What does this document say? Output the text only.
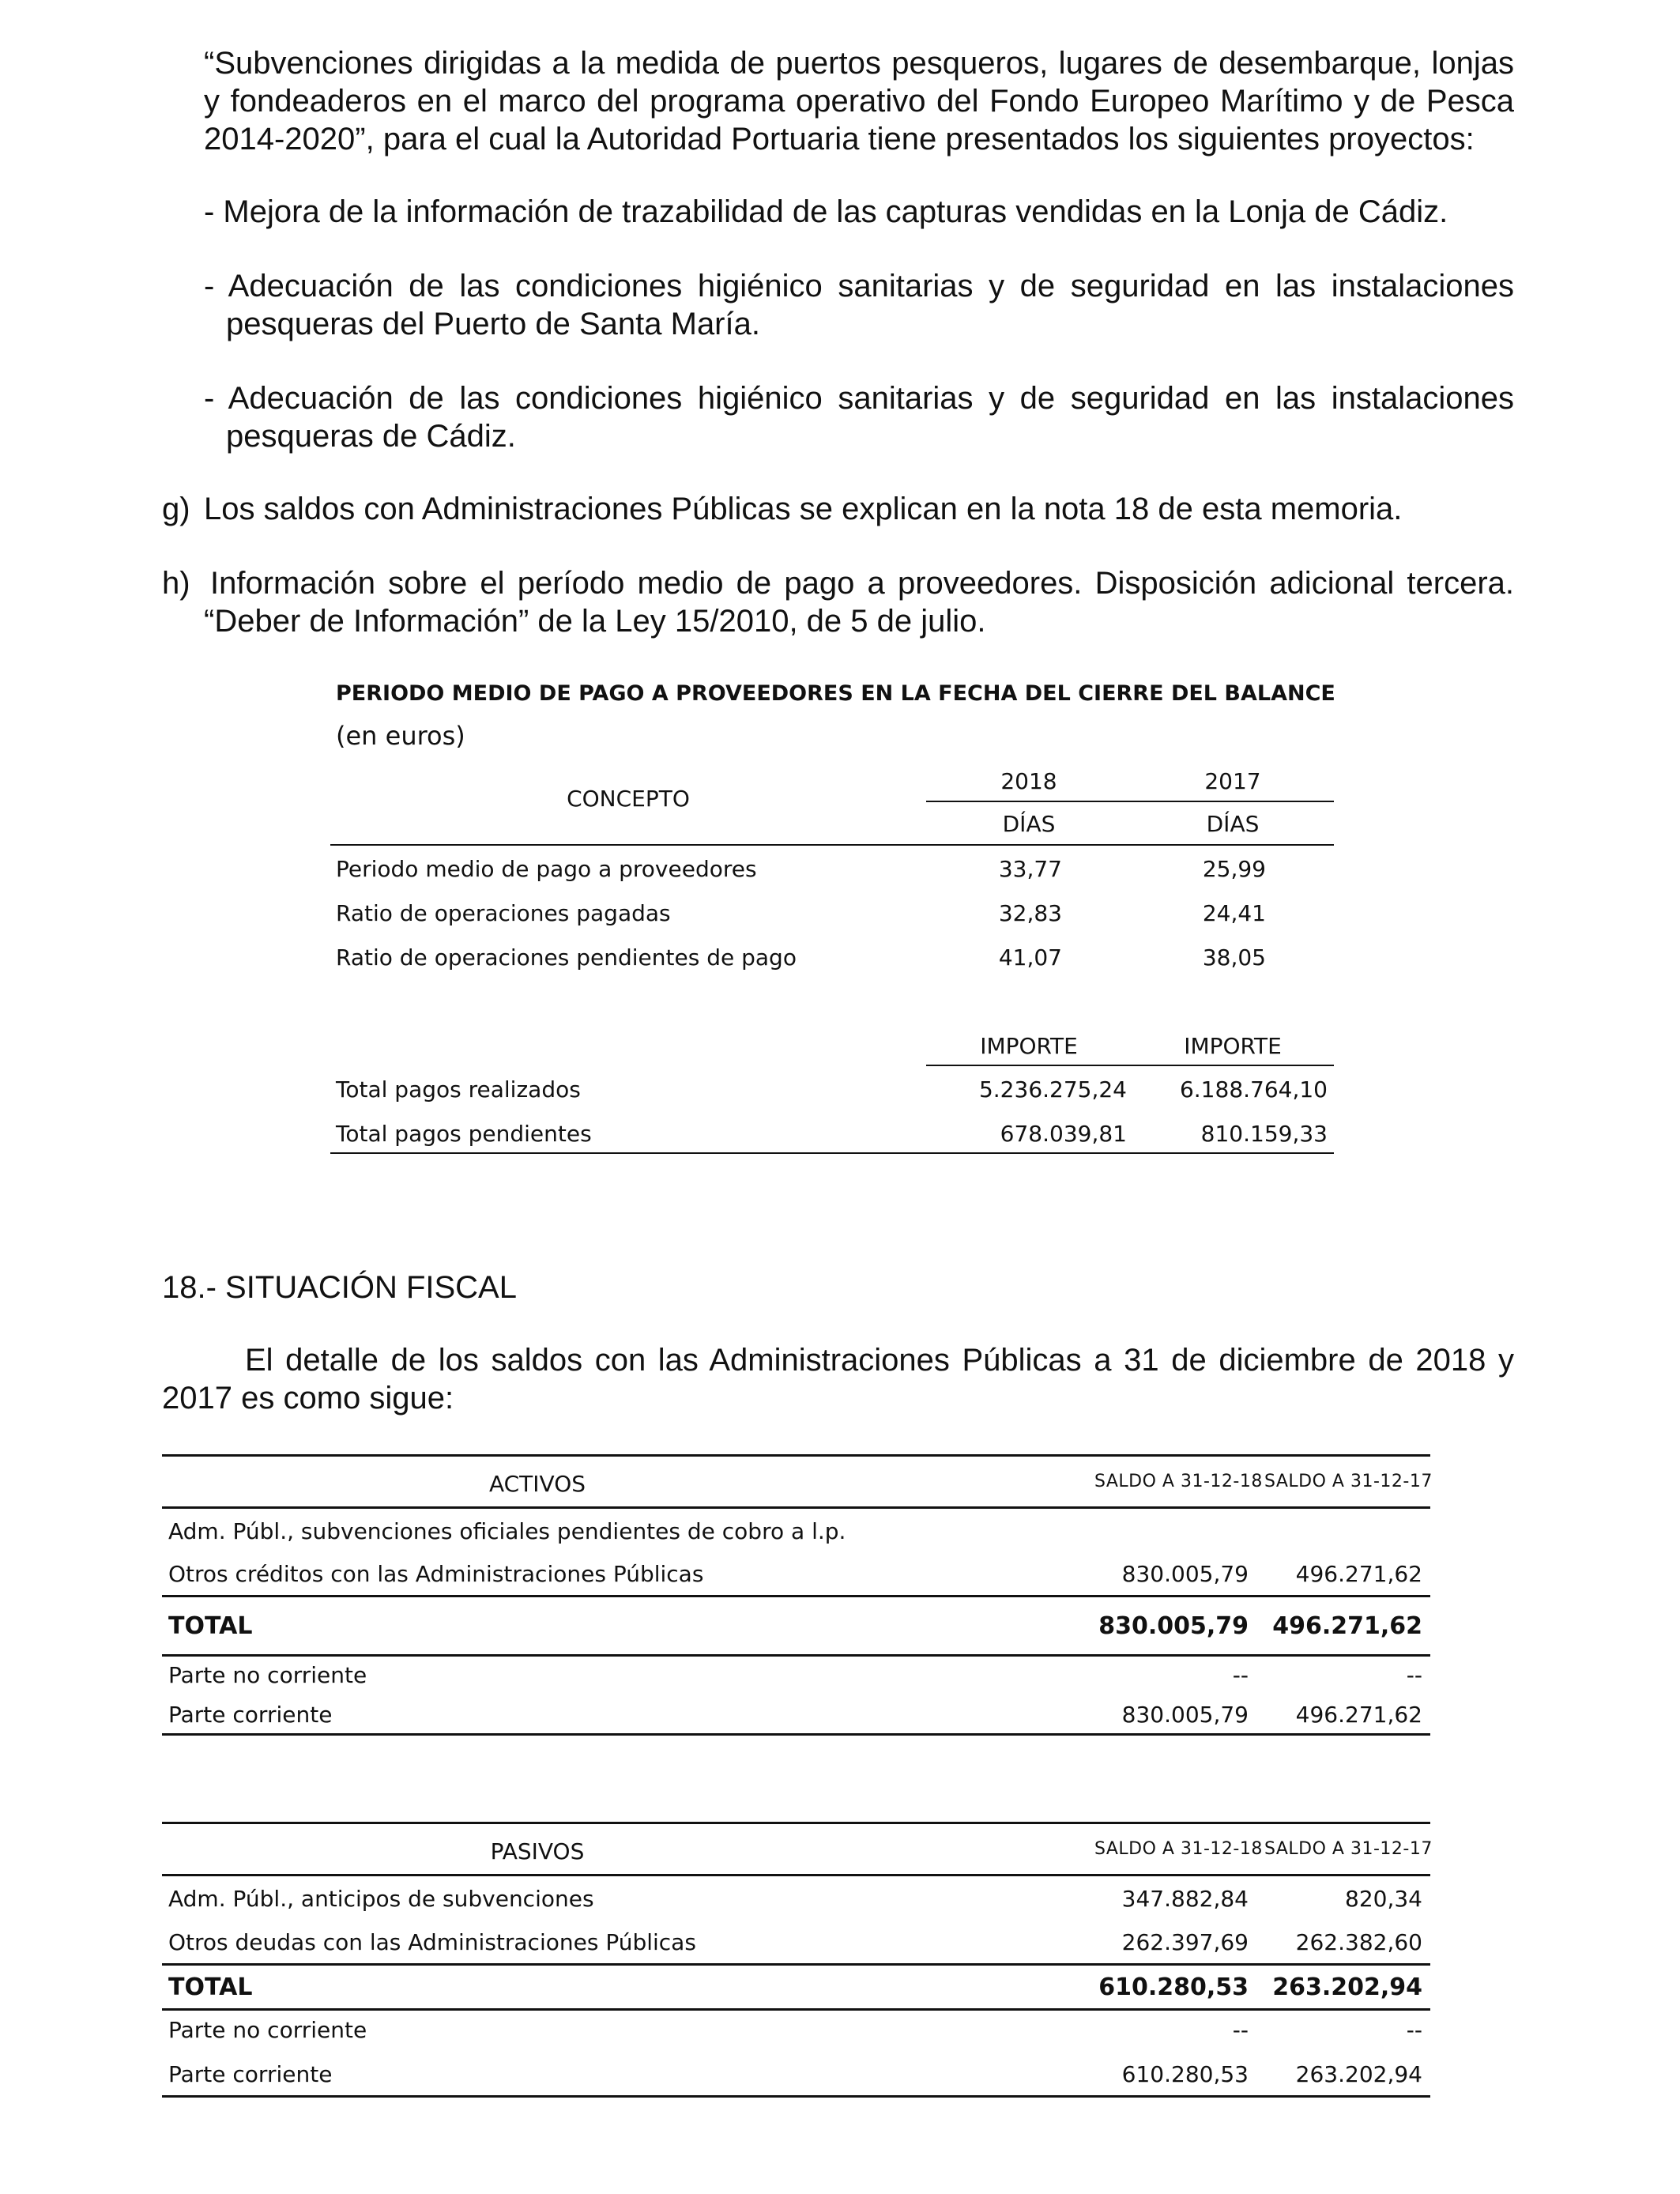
“Subvenciones dirigidas a la medida de puertos pesqueros, lugares de desembarque, lonjas
y fondeaderos en el marco del programa operativo del Fondo Europeo Marítimo y de Pesca
2014-2020”, para el cual la Autoridad Portuaria tiene presentados los siguientes proyectos:
- Mejora de la información de trazabilidad de las capturas vendidas en la Lonja de Cádiz.
- Adecuación de las condiciones higiénico sanitarias y de seguridad en las instalaciones
pesqueras del Puerto de Santa María.
- Adecuación de las condiciones higiénico sanitarias y de seguridad en las instalaciones
pesqueras de Cádiz.
g) Los saldos con Administraciones Públicas se explican en la nota 18 de esta memoria.
h) Información sobre el período medio de pago a proveedores. Disposición adicional tercera.
“Deber de Información” de la Ley 15/2010, de 5 de julio.
PERIODO MEDIO DE PAGO A PROVEEDORES EN LA FECHA DEL CIERRE DEL BALANCE
(en euros)
CONCEPTO
2018	2017
DÍAS	DÍAS
Periodo medio de pago a proveedores	33,77	25,99
Ratio de operaciones pagadas	32,83	24,41
Ratio de operaciones pendientes de pago	41,07	38,05
IMPORTE	IMPORTE
Total pagos realizados	5.236.275,24	6.188.764,10
Total pagos pendientes	678.039,81	810.159,33
18.- SITUACIÓN FISCAL
El detalle de los saldos con las Administraciones Públicas a 31 de diciembre de 2018 y
2017 es como sigue:
ACTIVOS	SALDO A 31-12-18 SALDO A 31-12-17
Adm. Públ., subvenciones oficiales pendientes de cobro a l.p.
Otros créditos con las Administraciones Públicas	830.005,79	496.271,62
TOTAL	830.005,79	496.271,62
Parte no corriente	--	--
Parte corriente	830.005,79	496.271,62
PASIVOS	SALDO A 31-12-18 SALDO A 31-12-17
Adm. Públ., anticipos de subvenciones	347.882,84	820,34
Otros deudas con las Administraciones Públicas	262.397,69	262.382,60
TOTAL	610.280,53	263.202,94
Parte no corriente	--	--
Parte corriente	610.280,53	263.202,94
